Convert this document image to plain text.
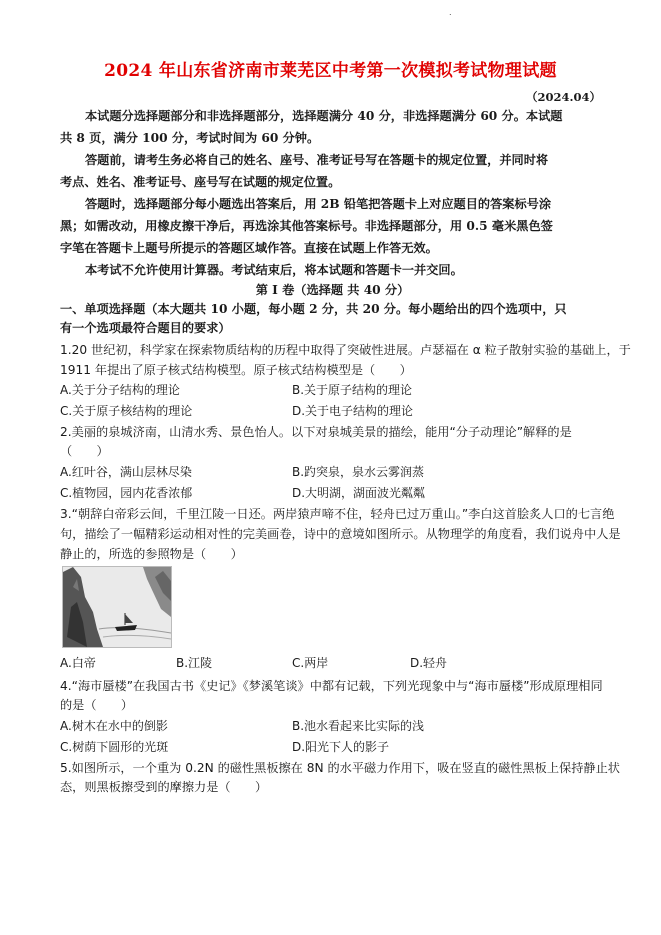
.
2024 年山东省济南市莱芜区中考第一次模拟考试物理试题
（2024.04）
本试题分选择题部分和非选择题部分，选择题满分 40 分，非选择题满分 60 分。本试题
共 8 页，满分 100 分，考试时间为 60 分钟。
答题前，请考生务必将自己的姓名、座号、准考证号写在答题卡的规定位置，并同时将
考点、姓名、准考证号、座号写在试题的规定位置。
答题时，选择题部分每小题选出答案后，用 2B 铅笔把答题卡上对应题目的答案标号涂
黑；如需改动，用橡皮擦干净后，再选涂其他答案标号。非选择题部分，用 0.5 毫米黑色签
字笔在答题卡上题号所提示的答题区域作答。直接在试题上作答无效。
本考试不允许使用计算器。考试结束后，将本试题和答题卡一并交回。
第 I 卷（选择题 共 40 分）
一、单项选择题（本大题共 10 小题，每小题 2 分，共 20 分。每小题给出的四个选项中，只
有一个选项最符合题目的要求）
1.20 世纪初，科学家在探索物质结构的历程中取得了突破性进展。卢瑟福在 α 粒子散射实验的基础上，于
1911 年提出了原子核式结构模型。原子核式结构模型是（　　）
A.关于分子结构的理论	B.关于原子结构的理论
C.关于原子核结构的理论	D.关于电子结构的理论
2.美丽的泉城济南，山清水秀、景色怡人。以下对泉城美景的描绘，能用“分子动理论”解释的是
（　　）
A.红叶谷，满山层林尽染	B.趵突泉，泉水云雾润蒸
C.植物园，园内花香浓郁	D.大明湖，湖面波光粼粼
3.“朝辞白帝彩云间，千里江陵一日还。两岸猿声啼不住，轻舟已过万重山。”李白这首脍炙人口的七言绝
句，描绘了一幅精彩运动相对性的完美画卷，诗中的意境如图所示。从物理学的角度看，我们说舟中人是
静止的，所选的参照物是（　　）
A.白帝	B.江陵	C.两岸	D.轻舟
4.“海市蜃楼”在我国古书《史记》《梦溪笔谈》中都有记载，下列光现象中与“海市蜃楼”形成原理相同
的是（　　）
A.树木在水中的倒影	B.池水看起来比实际的浅
C.树荫下圆形的光斑	D.阳光下人的影子
5.如图所示，一个重为 0.2N 的磁性黑板擦在 8N 的水平磁力作用下，吸在竖直的磁性黑板上保持静止状
态，则黑板擦受到的摩擦力是（　　）
